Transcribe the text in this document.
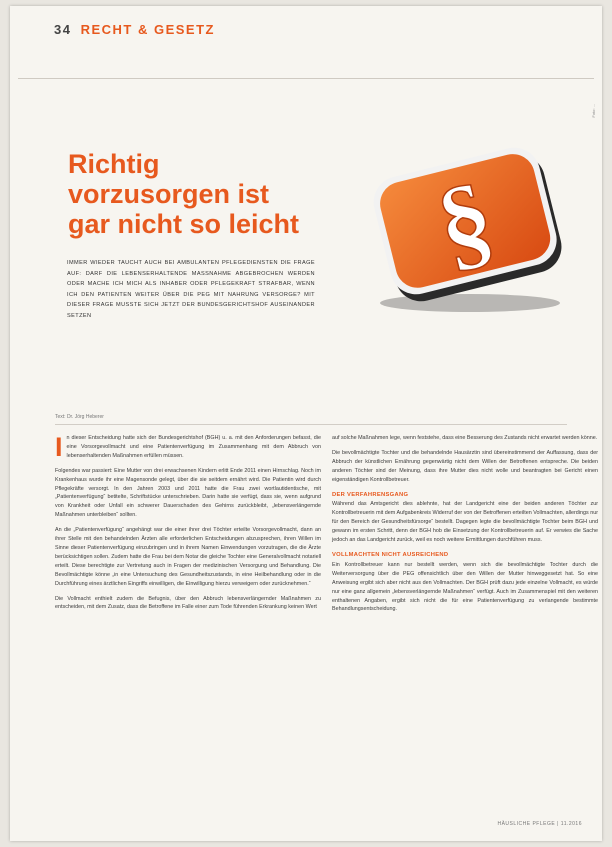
34 RECHT & GESETZ
Foto: ...
Richtig
vorzusorgen ist
gar nicht so leicht
IMMER WIEDER TAUCHT AUCH BEI AMBULANTEN PFLEGEDIENSTEN DIE FRAGE AUF: DARF DIE LEBENSERHALTENDE MASSNAHME ABGEBROCHEN WERDEN ODER MACHE ICH MICH ALS INHABER ODER PFLEGEKRAFT STRAFBAR, WENN ICH DEN PATIENTEN WEITER ÜBER DIE PEG MIT NAHRUNG VERSORGE? MIT DIESER FRAGE MUSSTE SICH JETZT DER BUNDESGERICHTSHOF AUSEINANDER SETZEN
§
Text: Dr. Jörg Heberer

In dieser Entscheidung hatte sich der Bundesgerichtshof (BGH) u. a. mit den Anforderungen befasst, die eine Vorsorgevollmacht und eine Patientenverfügung im Zusammenhang mit dem Abbruch von lebenserhaltenden Maßnahmen erfüllen müssen.

Folgendes war passiert: Eine Mutter von drei erwachsenen Kindern erlitt Ende 2011 einen Hirnschlag. Noch im Krankenhaus wurde ihr eine Magensonde gelegt, über die sie seitdem ernährt wird. Die Patientin wird durch Pflegekräfte versorgt. In den Jahren 2003 und 2011 hatte die Frau zwei wortlautidentische, mit „Patientenverfügung“ betitelte, Schriftstücke unterschrieben. Darin hatte sie verfügt, dass sie, wenn aufgrund von Krankheit oder Unfall ein schwerer Dauerschaden des Gehirns zurückbleibt, „lebensverlängernde Maßnahmen unterbleiben“ sollten.

An die „Patientenverfügung“ angehängt war die einer ihrer drei Töchter erteilte Vorsorgevollmacht, dann an ihrer Stelle mit den behandelnden Ärzten alle erforderlichen Entscheidungen abzusprechen, ihren Willen im Sinne dieser Patientenverfügung einzubringen und in ihrem Namen Einwendungen vorzutragen, die die Ärzte berücksichtigen sollen. Zudem hatte die Frau bei dem Notar die gleiche Tochter eine Generalvollmacht notariell erteilt. Diese berechtigte zur Vertretung auch in Fragen der medizinischen Versorgung und Behandlung. Die Bevollmächtigte könne „in eine Untersuchung des Gesundheitszustands, in eine Heilbehandlung oder in die Durchführung eines ärztlichen Eingriffs einwilligen, die Einwilligung hierzu verweigern oder zurücknehmen.“

Die Vollmacht enthielt zudem die Befugnis, über den Abbruch lebensverlängernder Maßnahmen zu entscheiden, mit dem Zusatz, dass die Betroffene im Falle einer zum Tode führenden Erkrankung keinen Wert

auf solche Maßnahmen lege, wenn feststehe, dass eine Besserung des Zustands nicht erwartet werden könne.

Die bevollmächtigte Tochter und die behandelnde Hausärztin sind übereinstimmend der Auffassung, dass der Abbruch der künstlichen Ernährung gegenwärtig nicht dem Willen der Betroffenen entspreche. Die beiden anderen Töchter sind der Meinung, dass ihre Mutter dies nicht wolle und beantragten bei Gericht einen eigenständigen Kontrollbetreuer.

DER VERFAHRENSGANG

Während das Amtsgericht dies ablehnte, hat der Landgericht eine der beiden anderen Töchter zur Kontrollbetreuerin mit dem Aufgabenkreis Widerruf der von der Betroffenen erteilten Vollmachten, allerdings nur für den Bereich der Gesundheitsfürsorge“ bestellt. Dagegen legte die bevollmächtigte Tochter beim BGH und gewann im ersten Schritt, denn der BGH hob die Einsetzung der Kontrollbetreuerin auf. Er verwies die Sache jedoch an das Landgericht zurück, weil es noch weitere Ermittlungen durchführen muss.

VOLLMACHTEN NICHT AUSREICHEND

Ein Kontrollbetreuer kann nur bestellt werden, wenn sich die bevollmächtigte Tochter durch die Weiterversorgung über die PEG offensichtlich über den Willen der Mutter hinweggesetzt hat. So eine Anweisung ergibt sich aber nicht aus den Vollmachten. Der BGH prüft dazu jede einzelne Vollmacht, es würde nur eine ganz allgemein „lebensverlängernde Maßnahmen“ verfügt. Auch im Zusammenspiel mit den weiteren enthaltenen Angaben, ergibt sich nicht die für eine Patientenverfügung zu verlangende bestimmte Behandlungsentscheidung.

HÄUSLICHE PFLEGE | 11.2016
